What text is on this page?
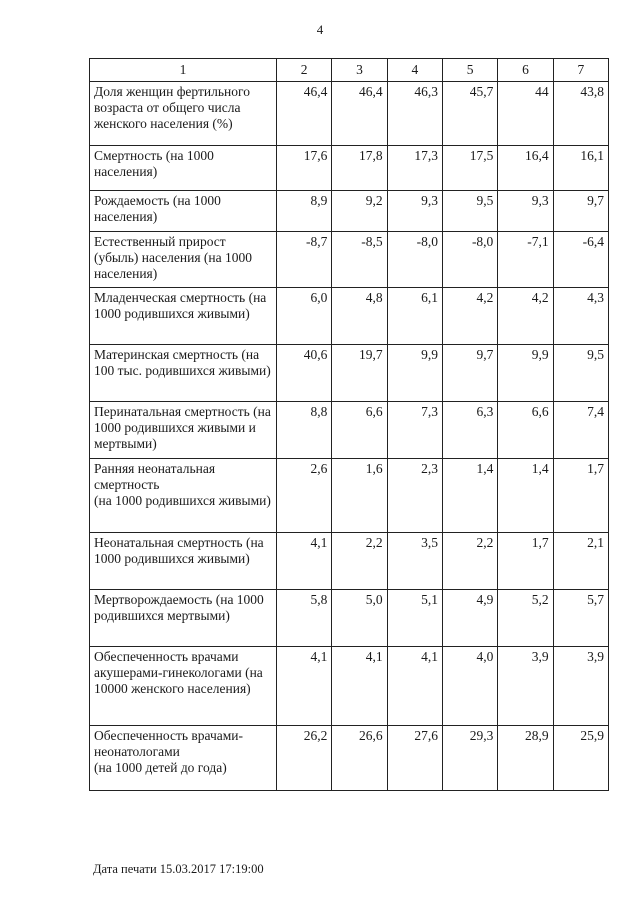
4
1	2	3	4	5	6	7
Доля женщин фертильного возраста от общего числа женского населения (%)	46,4	46,4	46,3	45,7	44	43,8
Смертность (на 1000 населения)	17,6	17,8	17,3	17,5	16,4	16,1
Рождаемость (на 1000 населения)	8,9	9,2	9,3	9,5	9,3	9,7
Естественный прирост (убыль) населения (на 1000 населения)	-8,7	-8,5	-8,0	-8,0	-7,1	-6,4
Младенческая смертность (на 1000 родившихся живыми)	6,0	4,8	6,1	4,2	4,2	4,3
Материнская смертность (на 100 тыс. родившихся живыми)	40,6	19,7	9,9	9,7	9,9	9,5
Перинатальная смертность (на 1000 родившихся живыми и мертвыми)	8,8	6,6	7,3	6,3	6,6	7,4
Ранняя неонатальная смертность
(на 1000 родившихся живыми)	2,6	1,6	2,3	1,4	1,4	1,7
Неонатальная смертность (на 1000 родившихся живыми)	4,1	2,2	3,5	2,2	1,7	2,1
Мертворождаемость (на 1000 родившихся мертвыми)	5,8	5,0	5,1	4,9	5,2	5,7
Обеспеченность врачами акушерами-гинекологами (на 10000 женского населения)	4,1	4,1	4,1	4,0	3,9	3,9
Обеспеченность врачами-неонатологами
(на 1000 детей до года)	26,2	26,6	27,6	29,3	28,9	25,9
Дата печати 15.03.2017 17:19:00
